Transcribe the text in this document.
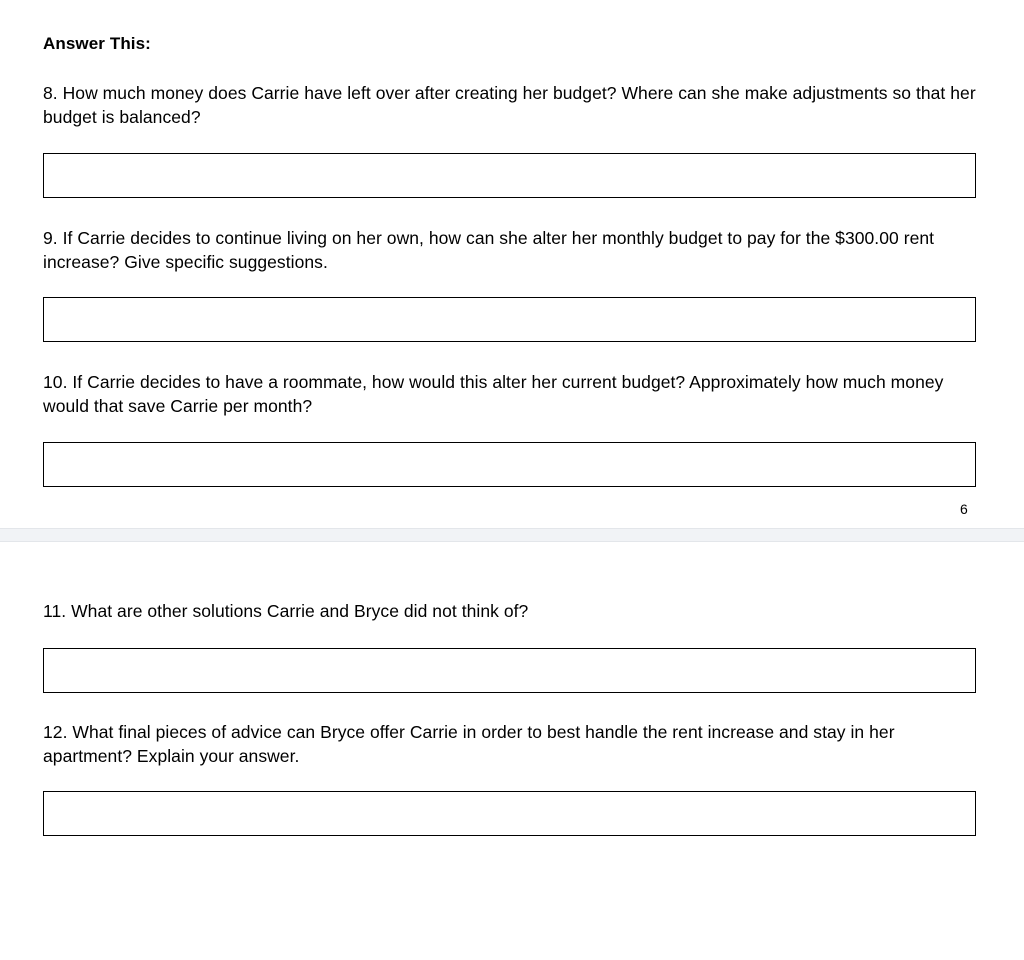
Answer This:
8. How much money does Carrie have left over after creating her budget? Where can she make adjustments so that her budget is balanced?
9. If Carrie decides to continue living on her own, how can she alter her monthly budget to pay for the $300.00 rent increase? Give specific suggestions.
10. If Carrie decides to have a roommate, how would this alter her current budget? Approximately how much money would that save Carrie per month?
6
11. What are other solutions Carrie and Bryce did not think of?
12. What final pieces of advice can Bryce offer Carrie in order to best handle the rent increase and stay in her apartment? Explain your answer.
